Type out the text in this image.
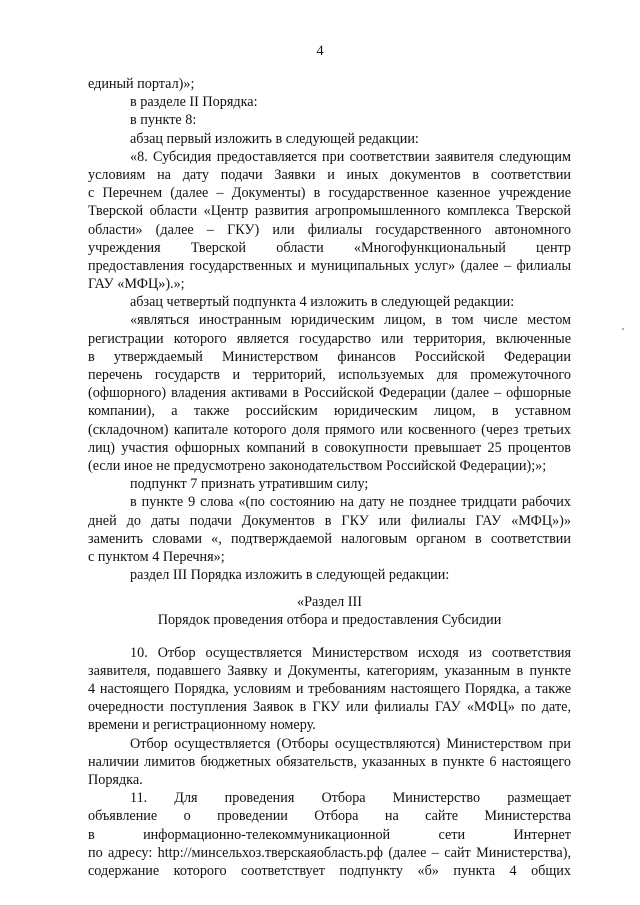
4
единый портал)»;
в разделе II Порядка:
в пункте 8:
абзац первый изложить в следующей редакции:
«8. Субсидия предоставляется при соответствии заявителя следующим
условиям на дату подачи Заявки и иных документов в соответствии
с Перечнем (далее – Документы) в государственное казенное учреждение
Тверской области «Центр развития агропромышленного комплекса Тверской
области» (далее – ГКУ) или филиалы государственного автономного
учреждения Тверской области «Многофункциональный центр
предоставления государственных и муниципальных услуг» (далее – филиалы
ГАУ «МФЦ»).»;
абзац четвертый подпункта 4 изложить в следующей редакции:
«являться иностранным юридическим лицом, в том числе местом
регистрации которого является государство или территория, включенные
в утверждаемый Министерством финансов Российской Федерации
перечень государств и территорий, используемых для промежуточного
(офшорного) владения активами в Российской Федерации (далее – офшорные
компании), а также российским юридическим лицом, в уставном
(складочном) капитале которого доля прямого или косвенного (через третьих
лиц) участия офшорных компаний в совокупности превышает 25 процентов
(если иное не предусмотрено законодательством Российской Федерации);»;
подпункт 7 признать утратившим силу;
в пункте 9 слова «(по состоянию на дату не позднее тридцати рабочих
дней до даты подачи Документов в ГКУ или филиалы ГАУ «МФЦ»)»
заменить словами «, подтверждаемой налоговым органом в соответствии
с пунктом 4 Перечня»;
раздел III Порядка изложить в следующей редакции:
«Раздел III
Порядок проведения отбора и предоставления Субсидии
10. Отбор осуществляется Министерством исходя из соответствия
заявителя, подавшего Заявку и Документы, категориям, указанным в пункте
4 настоящего Порядка, условиям и требованиям настоящего Порядка, а также
очередности поступления Заявок в ГКУ или филиалы ГАУ «МФЦ» по дате,
времени и регистрационному номеру.
Отбор осуществляется (Отборы осуществляются) Министерством при
наличии лимитов бюджетных обязательств, указанных в пункте 6 настоящего
Порядка.
11. Для проведения Отбора Министерство размещает
объявление о проведении Отбора на сайте Министерства
в информационно-телекоммуникационной сети Интернет
по адресу: http://минсельхоз.тверскаяобласть.рф (далее – сайт Министерства),
содержание которого соответствует подпункту «б» пункта 4 общих
